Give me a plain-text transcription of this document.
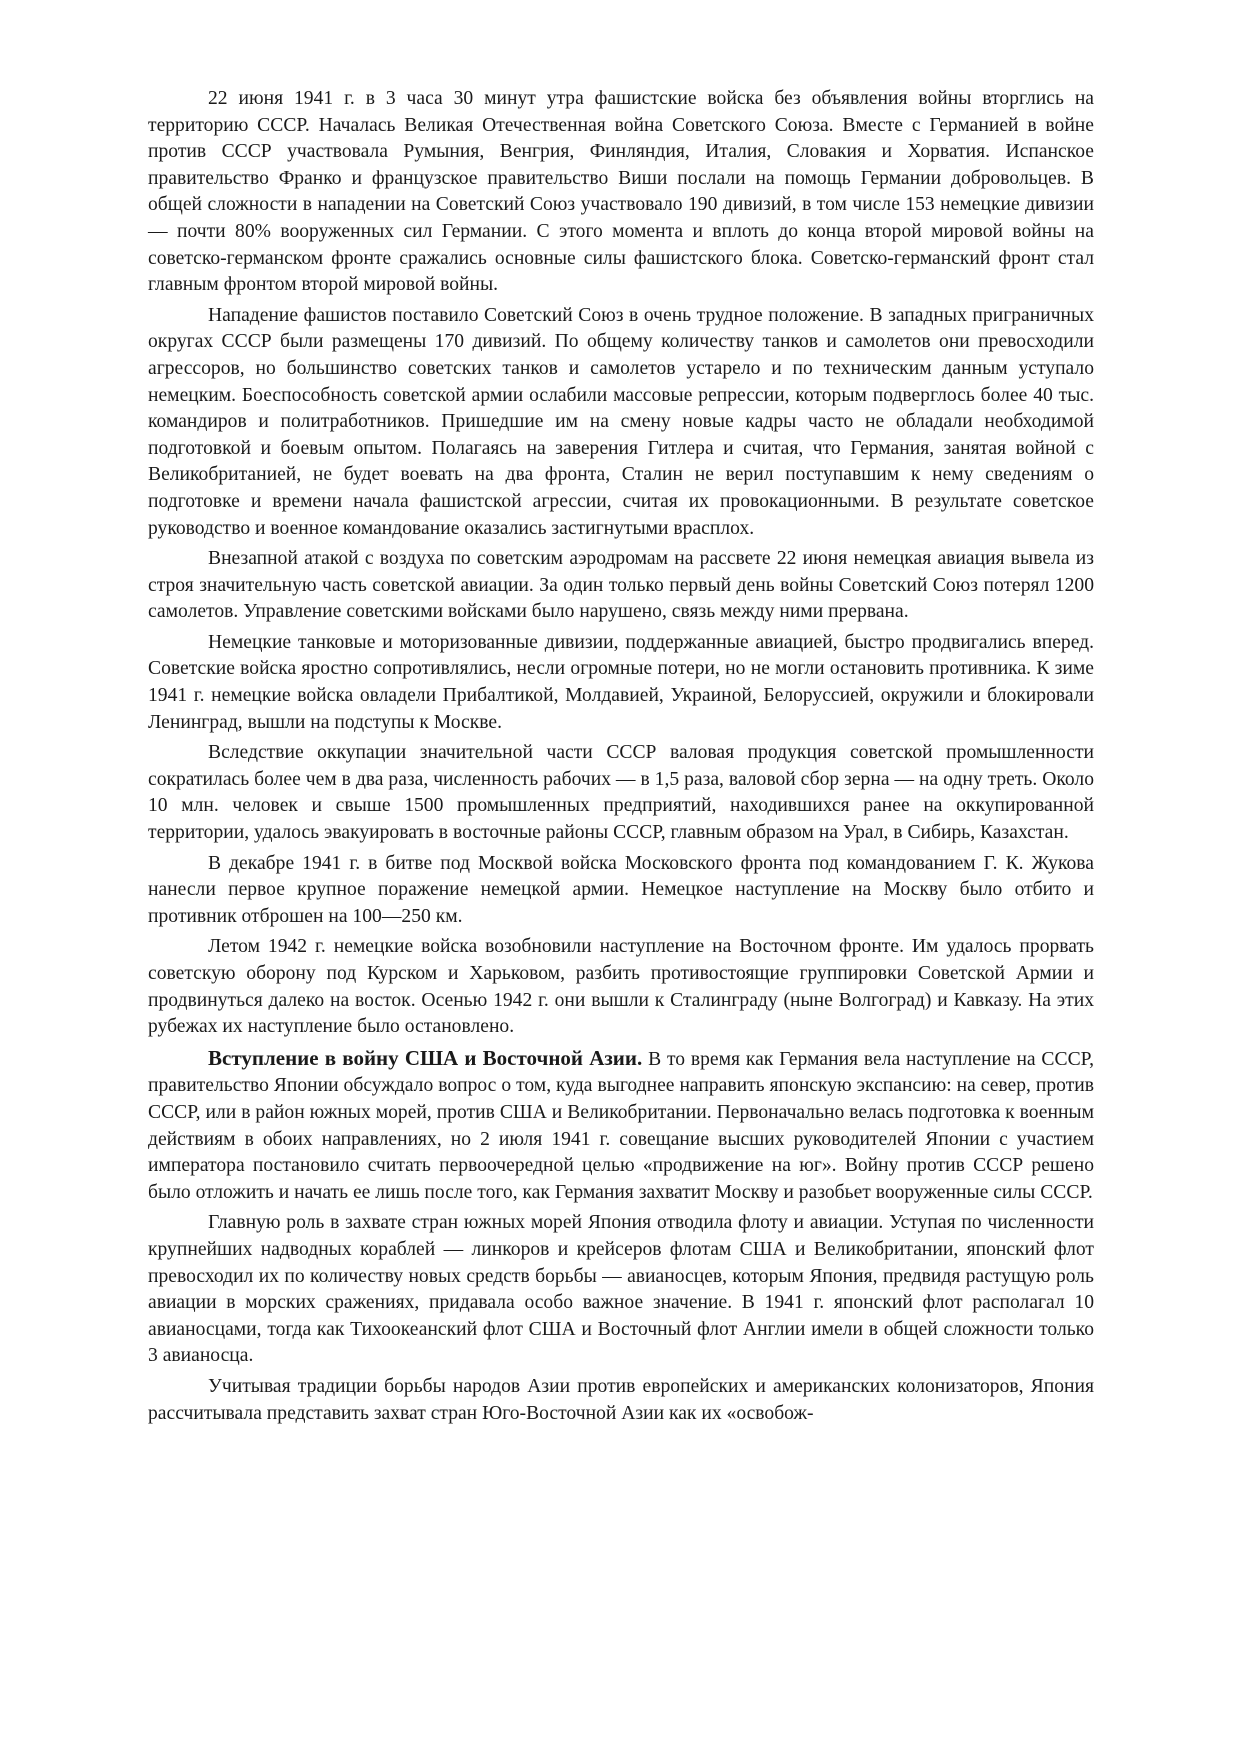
22 июня 1941 г. в 3 часа 30 минут утра фашистские войска без объявления войны вторглись на территорию СССР. Началась Великая Отечественная война Советского Союза. Вместе с Германией в войне против СССР участвовала Румыния, Венгрия, Финляндия, Италия, Словакия и Хорватия. Испанское правительство Франко и французское правительство Виши послали на помощь Германии добровольцев. В общей сложности в нападении на Советский Союз участвовало 190 дивизий, в том числе 153 немецкие дивизии — почти 80% вооруженных сил Германии. С этого момента и вплоть до конца второй мировой войны на советско-германском фронте сражались основные силы фашистского блока. Советско-германский фронт стал главным фронтом второй мировой войны.

Нападение фашистов поставило Советский Союз в очень трудное положение. В западных приграничных округах СССР были размещены 170 дивизий. По общему количеству танков и самолетов они превосходили агрессоров, но большинство советских танков и самолетов устарело и по техническим данным уступало немецким. Боеспособность советской армии ослабили массовые репрессии, которым подверглось более 40 тыс. командиров и политработников. Пришедшие им на смену новые кадры часто не обладали необходимой подготовкой и боевым опытом. Полагаясь на заверения Гитлера и считая, что Германия, занятая войной с Великобританией, не будет воевать на два фронта, Сталин не верил поступавшим к нему сведениям о подготовке и времени начала фашистской агрессии, считая их провокационными. В результате советское руководство и военное командование оказались застигнутыми врасплох.

Внезапной атакой с воздуха по советским аэродромам на рассвете 22 июня немецкая авиация вывела из строя значительную часть советской авиации. За один только первый день войны Советский Союз потерял 1200 самолетов. Управление советскими войсками было нарушено, связь между ними прервана.

Немецкие танковые и моторизованные дивизии, поддержанные авиацией, быстро продвигались вперед. Советские войска яростно сопротивлялись, несли огромные потери, но не могли остановить противника. К зиме 1941 г. немецкие войска овладели Прибалтикой, Молдавией, Украиной, Белоруссией, окружили и блокировали Ленинград, вышли на подступы к Москве.

Вследствие оккупации значительной части СССР валовая продукция советской промышленности сократилась более чем в два раза, численность рабочих — в 1,5 раза, валовой сбор зерна — на одну треть. Около 10 млн. человек и свыше 1500 промышленных предприятий, находившихся ранее на оккупированной территории, удалось эвакуировать в восточные районы СССР, главным образом на Урал, в Сибирь, Казахстан.

В декабре 1941 г. в битве под Москвой войска Московского фронта под командованием Г. К. Жукова нанесли первое крупное поражение немецкой армии. Немецкое наступление на Москву было отбито и противник отброшен на 100—250 км.

Летом 1942 г. немецкие войска возобновили наступление на Восточном фронте. Им удалось прорвать советскую оборону под Курском и Харьковом, разбить противостоящие группировки Советской Армии и продвинуться далеко на восток. Осенью 1942 г. они вышли к Сталинграду (ныне Волгоград) и Кавказу. На этих рубежах их наступление было остановлено.

Вступление в войну США и Восточной Азии. В то время как Германия вела наступление на СССР, правительство Японии обсуждало вопрос о том, куда выгоднее направить японскую экспансию: на север, против СССР, или в район южных морей, против США и Великобритании. Первоначально велась подготовка к военным действиям в обоих направлениях, но 2 июля 1941 г. совещание высших руководителей Японии с участием императора постановило считать первоочередной целью «продвижение на юг». Войну против СССР решено было отложить и начать ее лишь после того, как Германия захватит Москву и разобьет вооруженные силы СССР.

Главную роль в захвате стран южных морей Япония отводила флоту и авиации. Уступая по численности крупнейших надводных кораблей — линкоров и крейсеров флотам США и Великобритании, японский флот превосходил их по количеству новых средств борьбы — авианосцев, которым Япония, предвидя растущую роль авиации в морских сражениях, придавала особо важное значение. В 1941 г. японский флот располагал 10 авианосцами, тогда как Тихоокеанский флот США и Восточный флот Англии имели в общей сложности только 3 авианосца.

Учитывая традиции борьбы народов Азии против европейских и американских колонизаторов, Япония рассчитывала представить захват стран Юго-Восточной Азии как их «освобож-
